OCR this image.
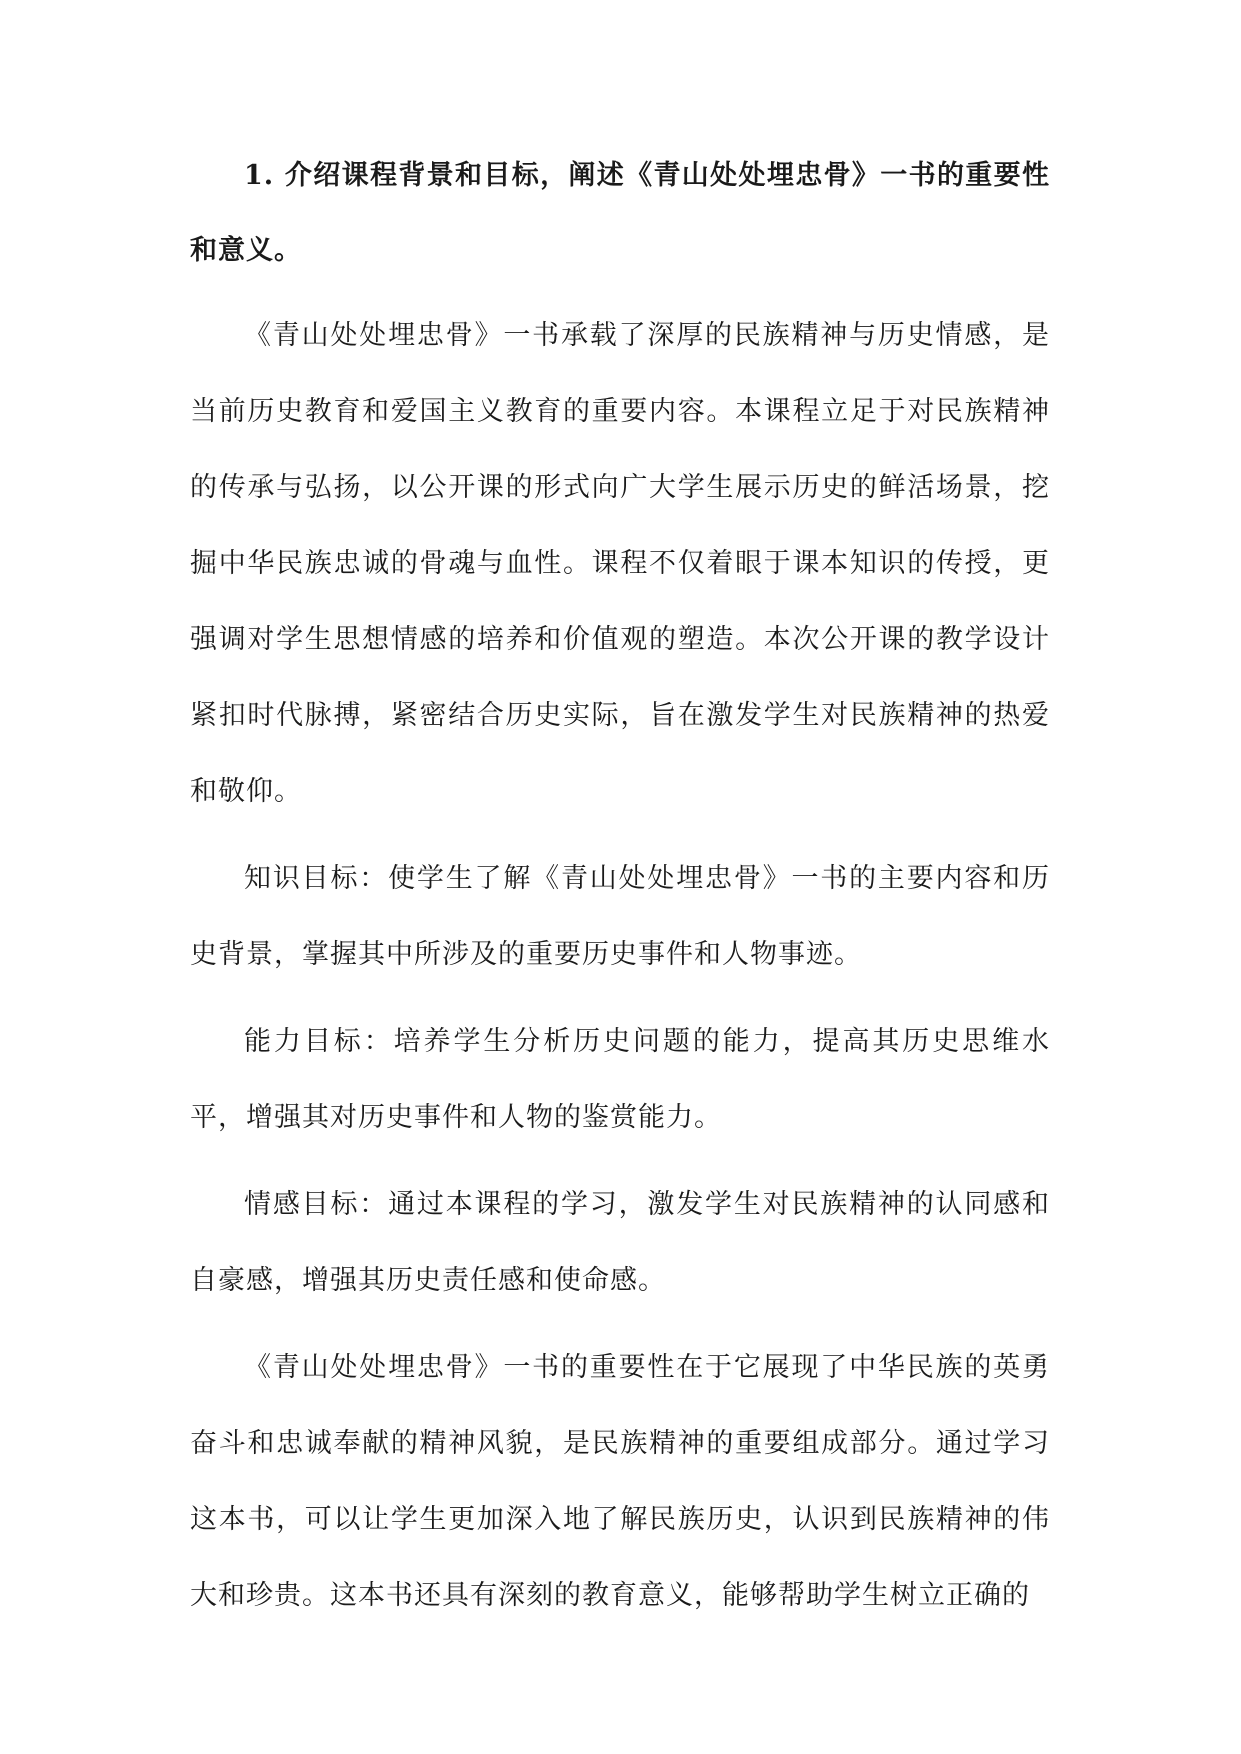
1. 介绍课程背景和目标，阐述《青山处处埋忠骨》一书的重要性和意义。

《青山处处埋忠骨》一书承载了深厚的民族精神与历史情感，是当前历史教育和爱国主义教育的重要内容。本课程立足于对民族精神的传承与弘扬，以公开课的形式向广大学生展示历史的鲜活场景，挖掘中华民族忠诚的骨魂与血性。课程不仅着眼于课本知识的传授，更强调对学生思想情感的培养和价值观的塑造。本次公开课的教学设计紧扣时代脉搏，紧密结合历史实际，旨在激发学生对民族精神的热爱和敬仰。

知识目标：使学生了解《青山处处埋忠骨》一书的主要内容和历史背景，掌握其中所涉及的重要历史事件和人物事迹。

能力目标：培养学生分析历史问题的能力，提高其历史思维水平，增强其对历史事件和人物的鉴赏能力。

情感目标：通过本课程的学习，激发学生对民族精神的认同感和自豪感，增强其历史责任感和使命感。

《青山处处埋忠骨》一书的重要性在于它展现了中华民族的英勇奋斗和忠诚奉献的精神风貌，是民族精神的重要组成部分。通过学习这本书，可以让学生更加深入地了解民族历史，认识到民族精神的伟大和珍贵。这本书还具有深刻的教育意义，能够帮助学生树立正确的
